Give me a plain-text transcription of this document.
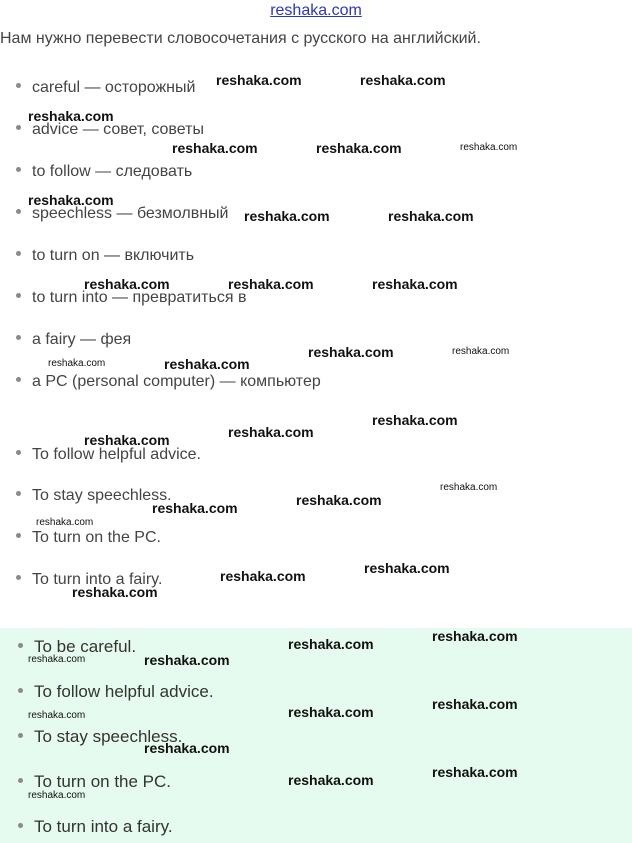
reshaka.com
Нам нужно перевести словосочетания с русского на английский.
careful — осторожный
advice — совет, советы
to follow — следовать
speechless — безмолвный
to turn on — включить
to turn into — превратиться в
a fairy — фея
a PC (personal computer) — компьютер
To follow helpful advice.
To stay speechless.
To turn on the PC.
To turn into a fairy.
To be careful.
To follow helpful advice.
To stay speechless.
To turn on the PC.
To turn into a fairy.
reshaka.com	reshaka.com
reshaka.com
reshaka.com	reshaka.com	reshaka.com
reshaka.com
reshaka.com	reshaka.com
reshaka.com	reshaka.com	reshaka.com
reshaka.com	reshaka.com
reshaka.com	reshaka.com
reshaka.com
reshaka.com
reshaka.com
reshaka.com
reshaka.com
reshaka.com
reshaka.com
reshaka.com
reshaka.com
reshaka.com
reshaka.com
reshaka.com
reshaka.com	reshaka.com
reshaka.com
reshaka.com
reshaka.com
reshaka.com
reshaka.com
reshaka.com
reshaka.com
